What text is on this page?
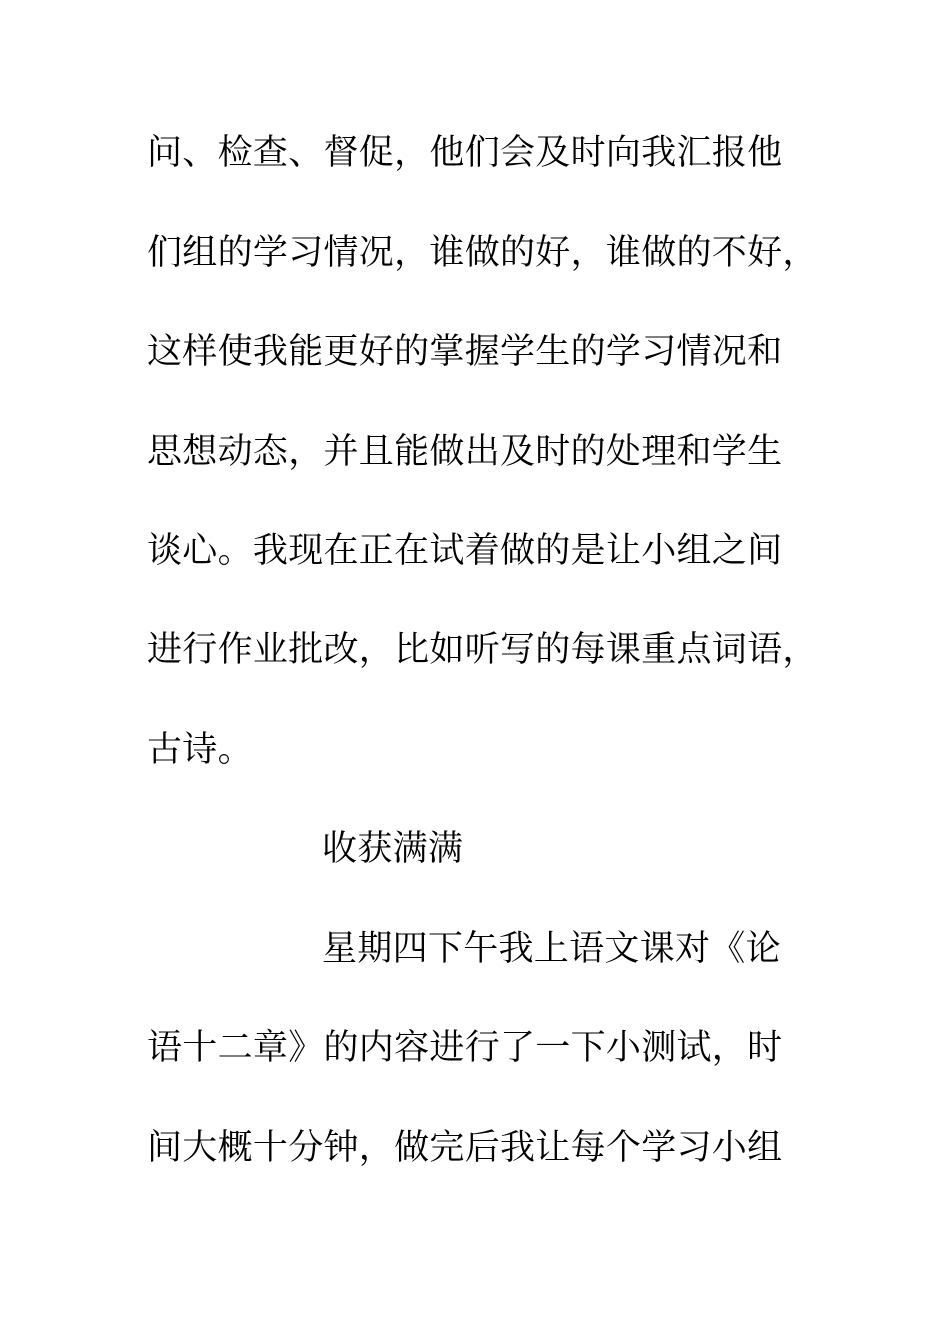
问、检查、督促，他们会及时向我汇报他
们组的学习情况，谁做的好，谁做的不好，
这样使我能更好的掌握学生的学习情况和
思想动态，并且能做出及时的处理和学生
谈心。我现在正在试着做的是让小组之间
进行作业批改，比如听写的每课重点词语，
古诗。
收获满满
星期四下午我上语文课对《论
语十二章》的内容进行了一下小测试，时
间大概十分钟，做完后我让每个学习小组
